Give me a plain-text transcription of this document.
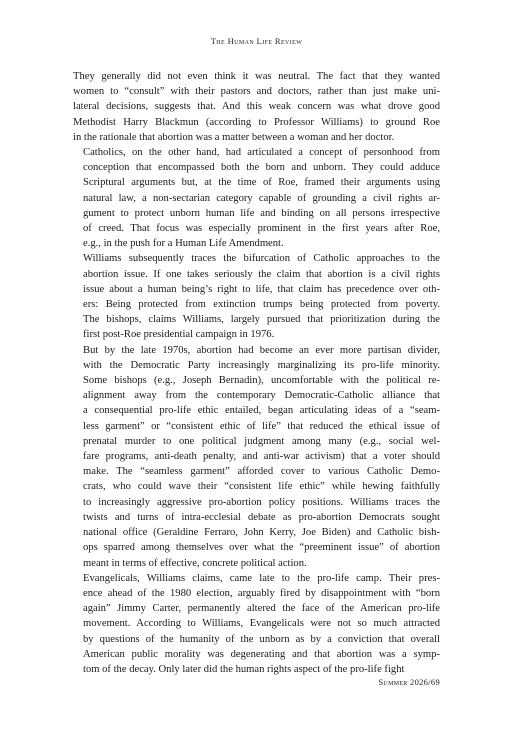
The Human Life Review

They generally did not even think it was neutral. The fact that they wanted
women to “consult” with their pastors and doctors, rather than just make uni-
lateral decisions, suggests that. And this weak concern was what drove good
Methodist Harry Blackmun (according to Professor Williams) to ground Roe
in the rationale that abortion was a matter between a woman and her doctor.

Catholics, on the other hand, had articulated a concept of personhood from
conception that encompassed both the born and unborn. They could adduce
Scriptural arguments but, at the time of Roe, framed their arguments using
natural law, a non-sectarian category capable of grounding a civil rights ar-
gument to protect unborn human life and binding on all persons irrespective
of creed. That focus was especially prominent in the first years after Roe,
e.g., in the push for a Human Life Amendment.

Williams subsequently traces the bifurcation of Catholic approaches to the
abortion issue. If one takes seriously the claim that abortion is a civil rights
issue about a human being’s right to life, that claim has precedence over oth-
ers: Being protected from extinction trumps being protected from poverty.
The bishops, claims Williams, largely pursued that prioritization during the
first post-Roe presidential campaign in 1976.

But by the late 1970s, abortion had become an ever more partisan divider,
with the Democratic Party increasingly marginalizing its pro-life minority.
Some bishops (e.g., Joseph Bernadin), uncomfortable with the political re-
alignment away from the contemporary Democratic-Catholic alliance that
a consequential pro-life ethic entailed, began articulating ideas of a “seam-
less garment” or “consistent ethic of life” that reduced the ethical issue of
prenatal murder to one political judgment among many (e.g., social wel-
fare programs, anti-death penalty, and anti-war activism) that a voter should
make. The “seamless garment” afforded cover to various Catholic Demo-
crats, who could wave their “consistent life ethic” while hewing faithfully
to increasingly aggressive pro-abortion policy positions. Williams traces the
twists and turns of intra-ecclesial debate as pro-abortion Democrats sought
national office (Geraldine Ferraro, John Kerry, Joe Biden) and Catholic bish-
ops sparred among themselves over what the “preeminent issue” of abortion
meant in terms of effective, concrete political action.

Evangelicals, Williams claims, came late to the pro-life camp. Their pres-
ence ahead of the 1980 election, arguably fired by disappointment with “born
again” Jimmy Carter, permanently altered the face of the American pro-life
movement. According to Williams, Evangelicals were not so much attracted
by questions of the humanity of the unborn as by a conviction that overall
American public morality was degenerating and that abortion was a symp-
tom of the decay. Only later did the human rights aspect of the pro-life fight

Summer 2026/69
